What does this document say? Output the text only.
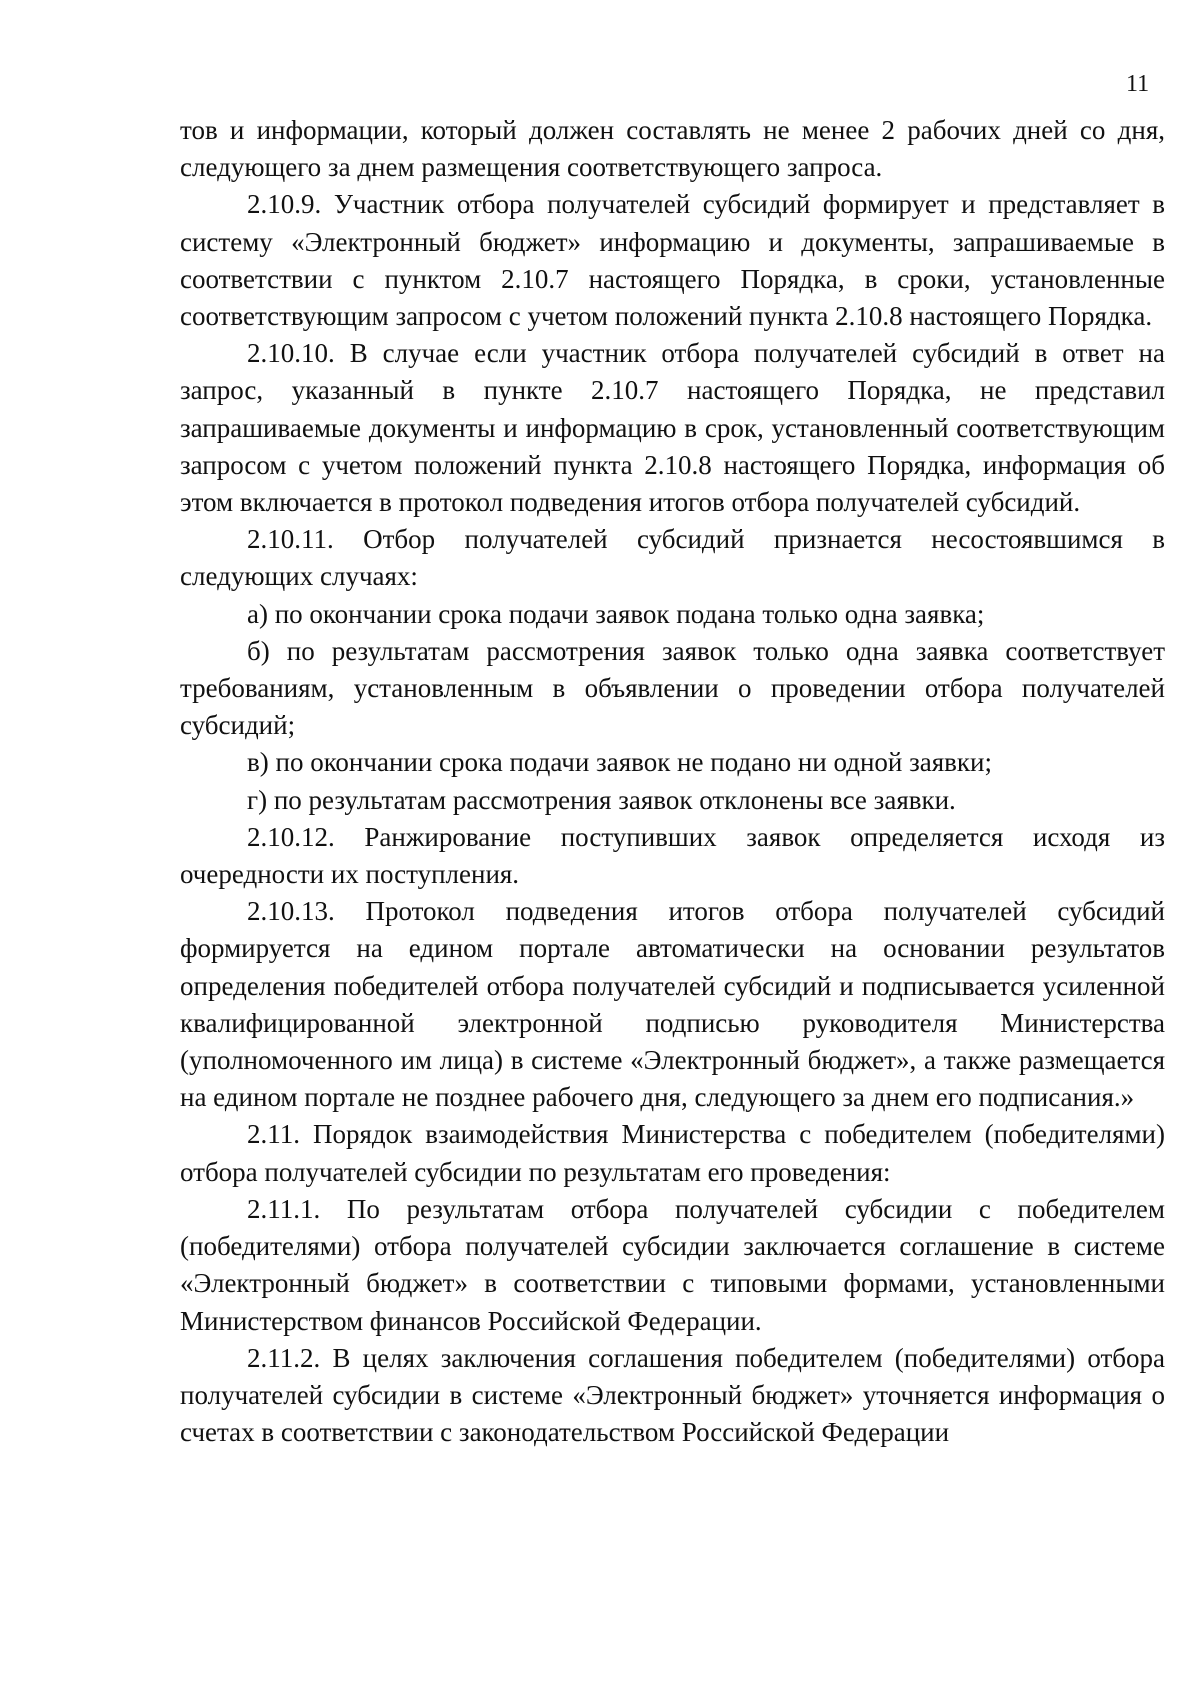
11

тов и информации, который должен составлять не менее 2 рабочих дней со дня, следующего за днем размещения соответствующего запроса.

2.10.9. Участник отбора получателей субсидий формирует и представляет в систему «Электронный бюджет» информацию и документы, запрашиваемые в соответствии с пунктом 2.10.7 настоящего Порядка, в сроки, установленные соответствующим запросом с учетом положений пункта 2.10.8 настоящего Порядка.

2.10.10. В случае если участник отбора получателей субсидий в ответ на запрос, указанный в пункте 2.10.7 настоящего Порядка, не представил запрашиваемые документы и информацию в срок, установленный соответствующим запросом с учетом положений пункта 2.10.8 настоящего Порядка, информация об этом включается в протокол подведения итогов отбора получателей субсидий.

2.10.11. Отбор получателей субсидий признается несостоявшимся в следующих случаях:

а) по окончании срока подачи заявок подана только одна заявка;

б) по результатам рассмотрения заявок только одна заявка соответствует требованиям, установленным в объявлении о проведении отбора получателей субсидий;

в) по окончании срока подачи заявок не подано ни одной заявки;

г) по результатам рассмотрения заявок отклонены все заявки.

2.10.12. Ранжирование поступивших заявок определяется исходя из очередности их поступления.

2.10.13. Протокол подведения итогов отбора получателей субсидий формируется на едином портале автоматически на основании результатов определения победителей отбора получателей субсидий и подписывается усиленной квалифицированной электронной подписью руководителя Министерства (уполномоченного им лица) в системе «Электронный бюджет», а также размещается на едином портале не позднее рабочего дня, следующего за днем его подписания.»

2.11. Порядок взаимодействия Министерства с победителем (победителями) отбора получателей субсидии по результатам его проведения:

2.11.1. По результатам отбора получателей субсидии с победителем (победителями) отбора получателей субсидии заключается соглашение в системе «Электронный бюджет» в соответствии с типовыми формами, установленными Министерством финансов Российской Федерации.

2.11.2. В целях заключения соглашения победителем (победителями) отбора получателей субсидии в системе «Электронный бюджет» уточняется информация о счетах в соответствии с законодательством Российской Федерации
